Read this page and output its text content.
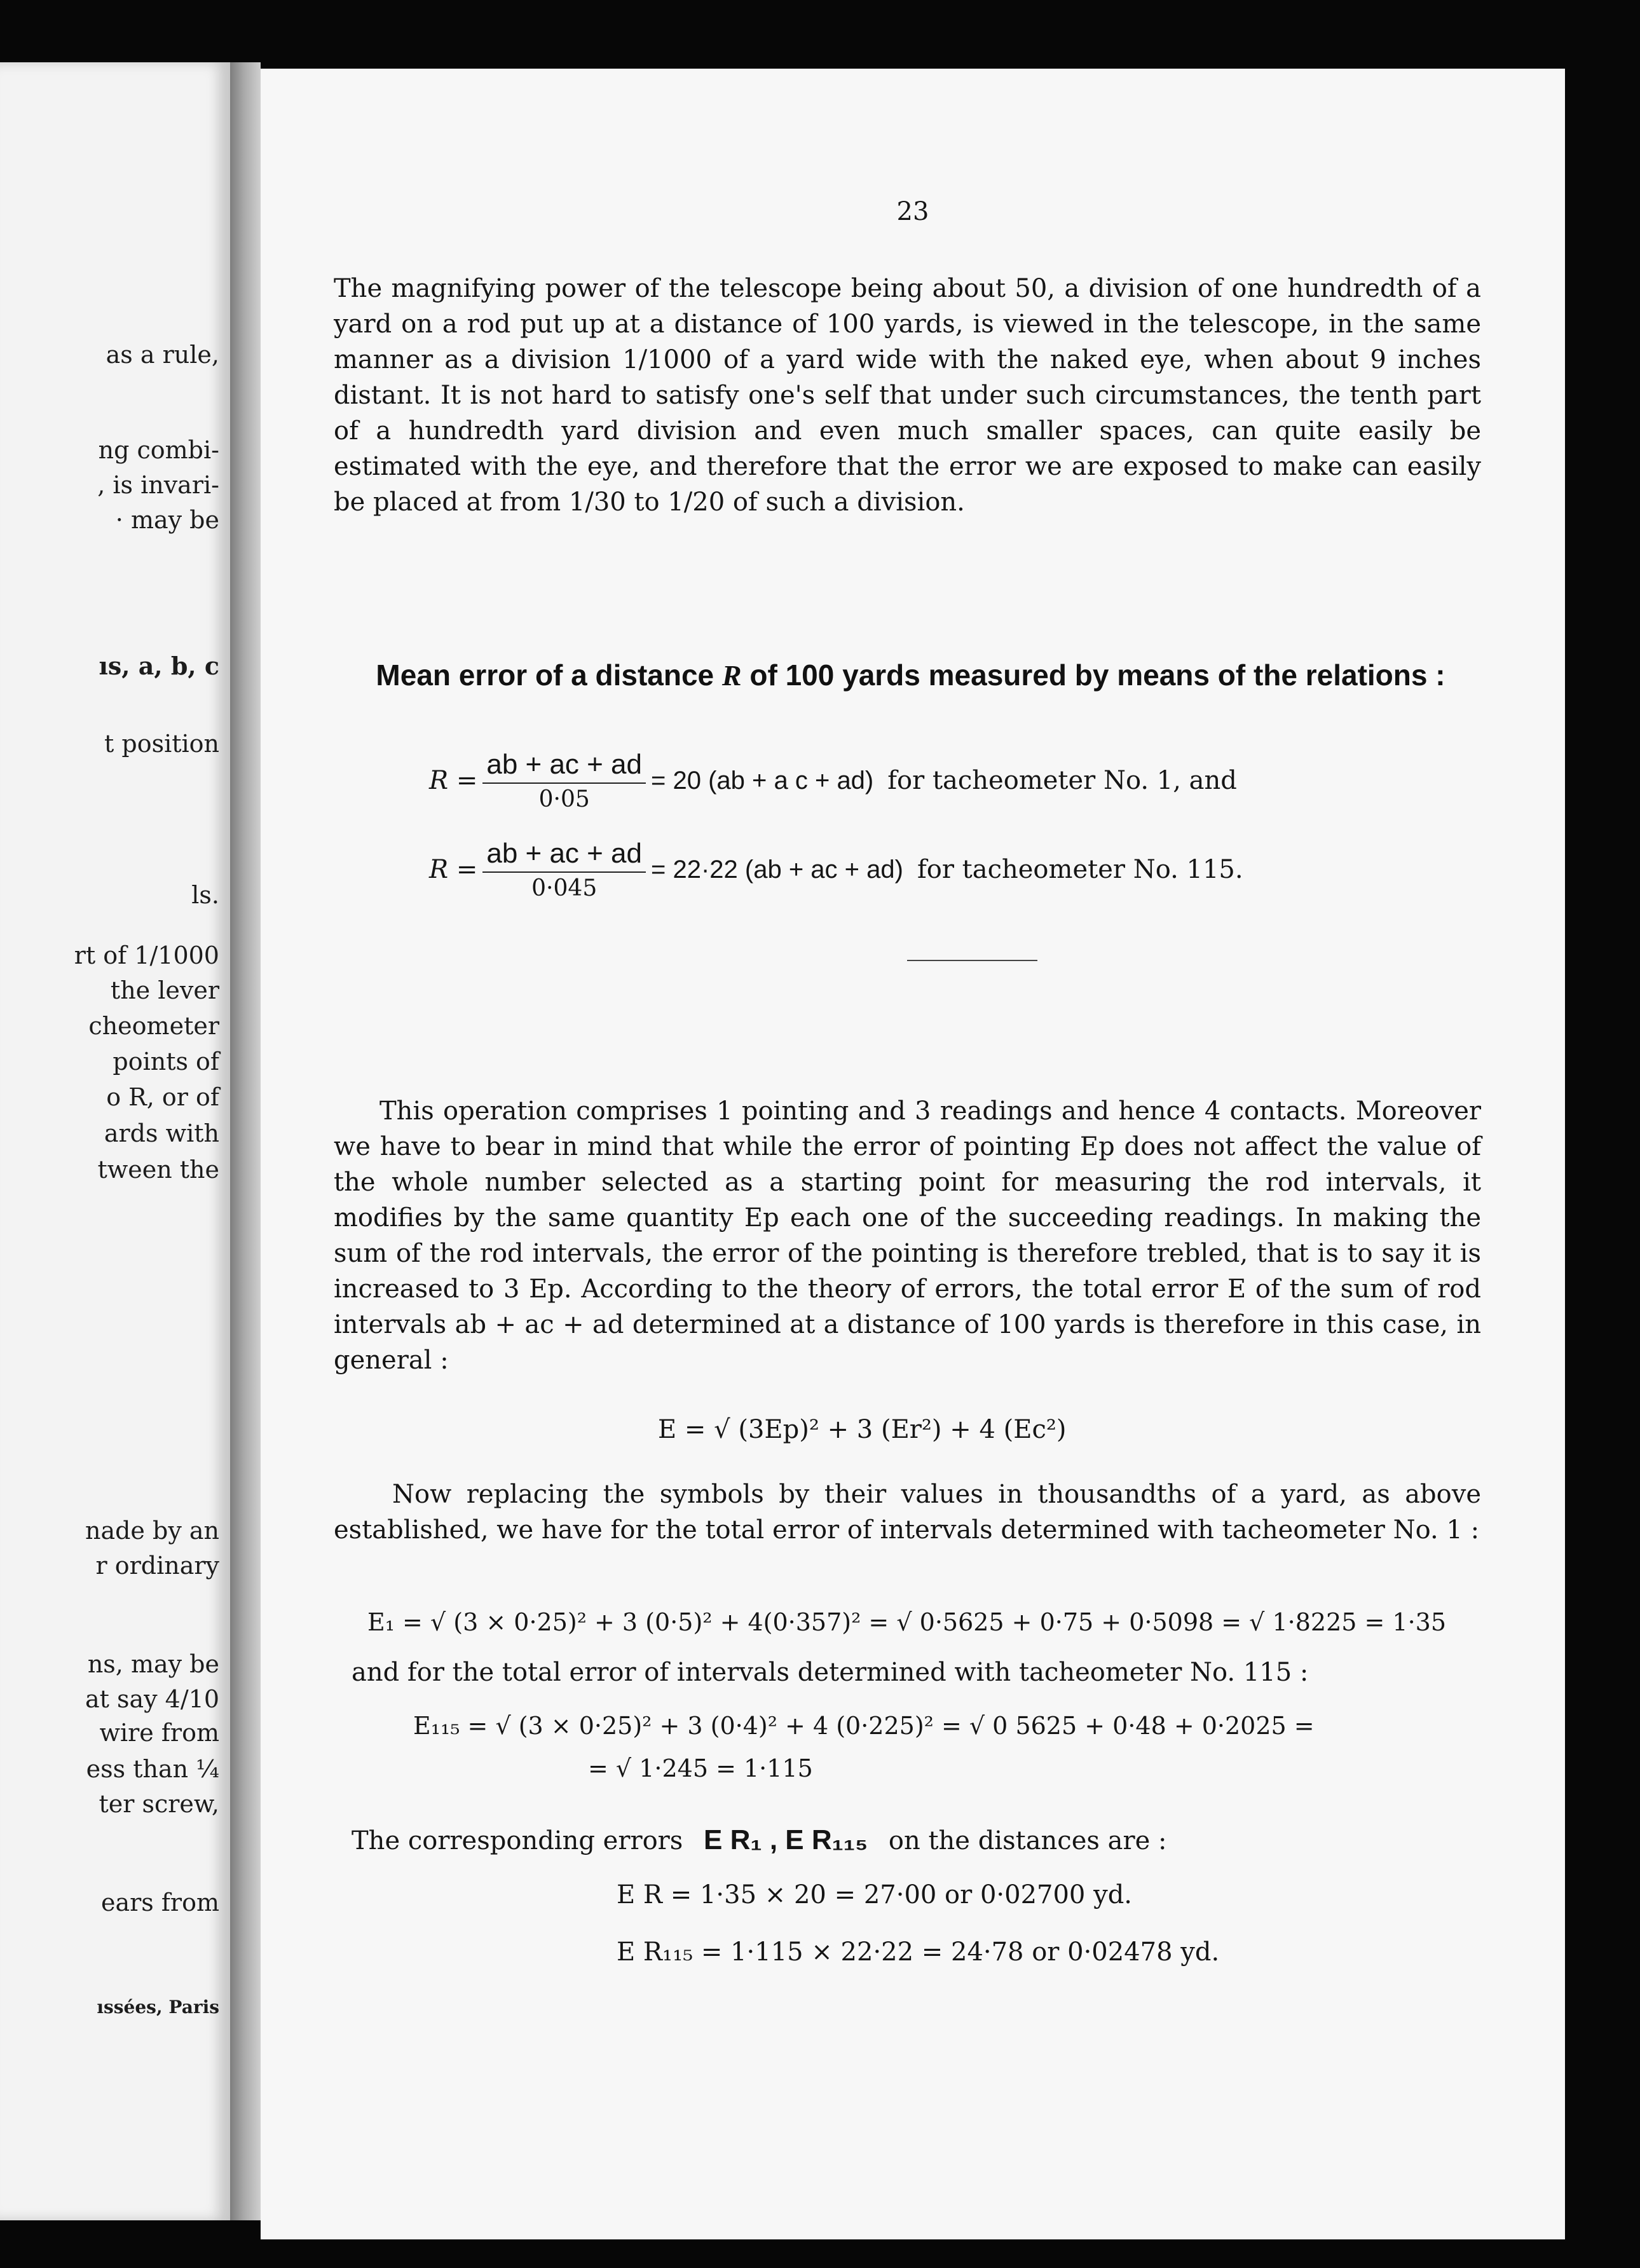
as a rule,
ng combi-
, is invari-
· may be
ıs, a, b, c
t position
ls.
rt of 1/1000
the lever
cheometer
points of
o R, or of
ards with
tween the
nade by an
r ordinary
ns, may be
at say 4/10
wire from
ess than ¼
ter screw,
ears from
ıssées, Paris
23

The magnifying power of the telescope being about 50, a division of one hundredth of a yard on a rod put up at a distance of 100 yards, is viewed in the telescope, in the same manner as a division 1/1000 of a yard wide with the naked eye, when about 9 inches distant. It is not hard to satisfy one's self that under such circumstances, the tenth part of a hundredth yard division and even much smaller spaces, can quite easily be estimated with the eye, and therefore that the error we are exposed to make can easily be placed at from 1/30 to 1/20 of such a division.

Mean error of a distance R of 100 yards measured by means of the relations :
$R = \frac{ab + ac + ad}{0\cdot 05} = 20$ (ab + a c + ad) for tacheometer No. 1, and
$R = \frac{ab + ac + ad}{0\cdot 045} = 22\cdot 22$ (ab + ac + ad) for tacheometer No. 115.

This operation comprises 1 pointing and 3 readings and hence 4 contacts. Moreover we have to bear in mind that while the error of pointing Ep does not affect the value of the whole number selected as a starting point for measuring the rod intervals, it modifies by the same quantity Ep each one of the succeeding readings. In making the sum of the rod intervals, the error of the pointing is therefore trebled, that is to say it is increased to 3 Ep. According to the theory of errors, the total error E of the sum of rod intervals ab + ac + ad determined at a distance of 100 yards is therefore in this case, in general :

E = √ (3Ep)² + 3 (Er²) + 4 (Ec²)

Now replacing the symbols by their values in thousandths of a yard, as above established, we have for the total error of intervals determined with tacheometer No. 1 :

E₁ = √ (3 × 0·25)² + 3 (0·5)² + 4(0·357)² = √ 0·5625 + 0·75 + 0·5098 = √ 1·8225 = 1·35
and for the total error of intervals determined with tacheometer No. 115 :
E₁₁₅ = √ (3 × 0·25)² + 3 (0·4)² + 4 (0·225)² = √ 0 5625 + 0·48 + 0·2025 =
= √ 1·245 = 1·115
The corresponding errors E R₁ , E R₁₁₅ on the distances are :
E R = 1·35 × 20 = 27·00 or 0·02700 yd.
E R₁₁₅ = 1·115 × 22·22 = 24·78 or 0·02478 yd.
